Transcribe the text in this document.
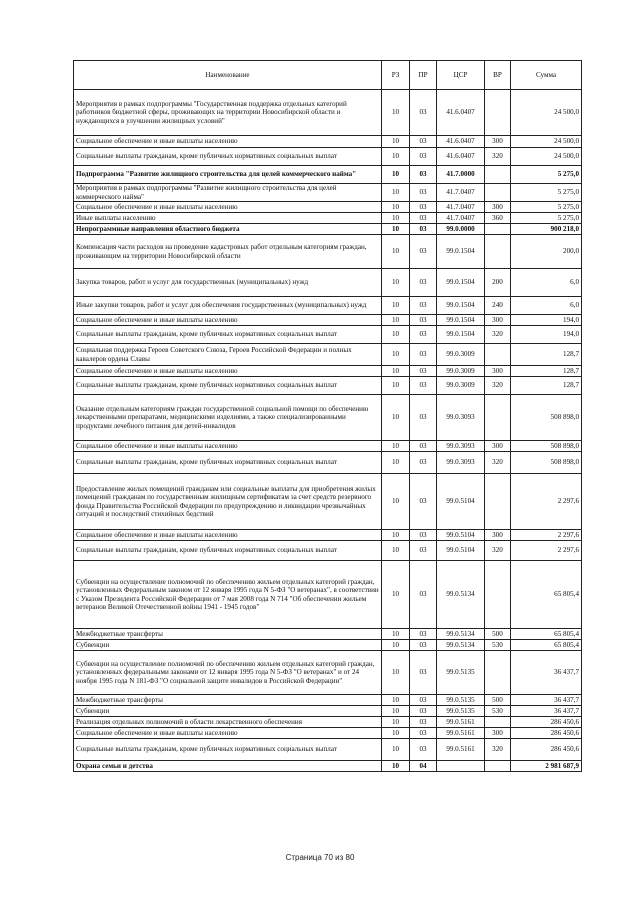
Наименование	РЗ	ПР	ЦСР	ВР	Сумма
Мероприятия в рамках подпрограммы "Государственная поддержка отдельных категорий работников бюджетной сферы, проживающих на территории Новосибирской области и нуждающихся в улучшении жилищных условий"	10	03	41.6.0407		24 500,0
Социальное обеспечение и иные выплаты населению	10	03	41.6.0407	300	24 500,0
Социальные выплаты гражданам, кроме публичных нормативных социальных выплат	10	03	41.6.0407	320	24 500,0
Подпрограмма "Развитие жилищного строительства для целей коммерческого найма"	10	03	41.7.0000		5 275,0
Мероприятия в рамках подпрограммы "Развитие жилищного строительства для целей коммерческого найма"	10	03	41.7.0407		5 275,0
Социальное обеспечение и иные выплаты населению	10	03	41.7.0407	300	5 275,0
Иные выплаты населению	10	03	41.7.0407	360	5 275,0
Непрограммные направления областного бюджета	10	03	99.0.0000		900 218,0
Компенсация части расходов на проведение кадастровых работ отдельным категориям граждан, проживающим на территории Новосибирской области	10	03	99.0.1504		200,0
Закупка товаров, работ и услуг для государственных (муниципальных) нужд	10	03	99.0.1504	200	6,0
Иные закупки товаров, работ и услуг для обеспечения государственных (муниципальных) нужд	10	03	99.0.1504	240	6,0
Социальное обеспечение и иные выплаты населению	10	03	99.0.1504	300	194,0
Социальные выплаты гражданам, кроме публичных нормативных социальных выплат	10	03	99.0.1504	320	194,0
Социальная поддержка Героев Советского Союза, Героев Российской Федерации и полных кавалеров ордена Славы	10	03	99.0.3009		128,7
Социальное обеспечение и иные выплаты населению	10	03	99.0.3009	300	128,7
Социальные выплаты гражданам, кроме публичных нормативных социальных выплат	10	03	99.0.3009	320	128,7
Оказание отдельным категориям граждан государственной социальной помощи по обеспечению лекарственными препаратами, медицинскими изделиями, а также специализированными продуктами лечебного питания для детей-инвалидов	10	03	99.0.3093		508 898,0
Социальное обеспечение и иные выплаты населению	10	03	99.0.3093	300	508 898,0
Социальные выплаты гражданам, кроме публичных нормативных социальных выплат	10	03	99.0.3093	320	508 898,0
Предоставление жилых помещений гражданам или социальные выплаты для приобретения жилых помещений гражданам по государственным жилищным сертификатам за счет средств резервного фонда Правительства Российской Федерации по предупреждению и ликвидации чрезвычайных ситуаций и последствий стихийных бедствий	10	03	99.0.5104		2 297,6
Социальное обеспечение и иные выплаты населению	10	03	99.0.5104	300	2 297,6
Социальные выплаты гражданам, кроме публичных нормативных социальных выплат	10	03	99.0.5104	320	2 297,6
Субвенции на осуществление полномочий по обеспечению жильем отдельных категорий граждан, установленных Федеральным законом от 12 января 1995 года N 5-ФЗ "О ветеранах", в соответствии с Указом Президента Российской Федерации от 7 мая 2008 года N 714 "Об обеспечении жильем ветеранов Великой Отечественной войны 1941 - 1945 годов"	10	03	99.0.5134		65 805,4
Межбюджетные трансферты	10	03	99.0.5134	500	65 805,4
Субвенции	10	03	99.0.5134	530	65 805,4
Субвенции на осуществление полномочий по обеспечению жильем отдельных категорий граждан, установленных федеральными законами от 12 января 1995 года N 5-ФЗ "О ветеранах" и от 24 ноября 1995 года N 181-ФЗ "О социальной защите инвалидов в Российской Федерации"	10	03	99.0.5135		36 437,7
Межбюджетные трансферты	10	03	99.0.5135	500	36 437,7
Субвенции	10	03	99.0.5135	530	36 437,7
Реализация отдельных полномочий в области лекарственного обеспечения	10	03	99.0.5161		286 450,6
Социальное обеспечение и иные выплаты населению	10	03	99.0.5161	300	286 450,6
Социальные выплаты гражданам, кроме публичных нормативных социальных выплат	10	03	99.0.5161	320	286 450,6
Охрана семьи и детства	10	04			2 981 687,9
Страница 70 из 80
